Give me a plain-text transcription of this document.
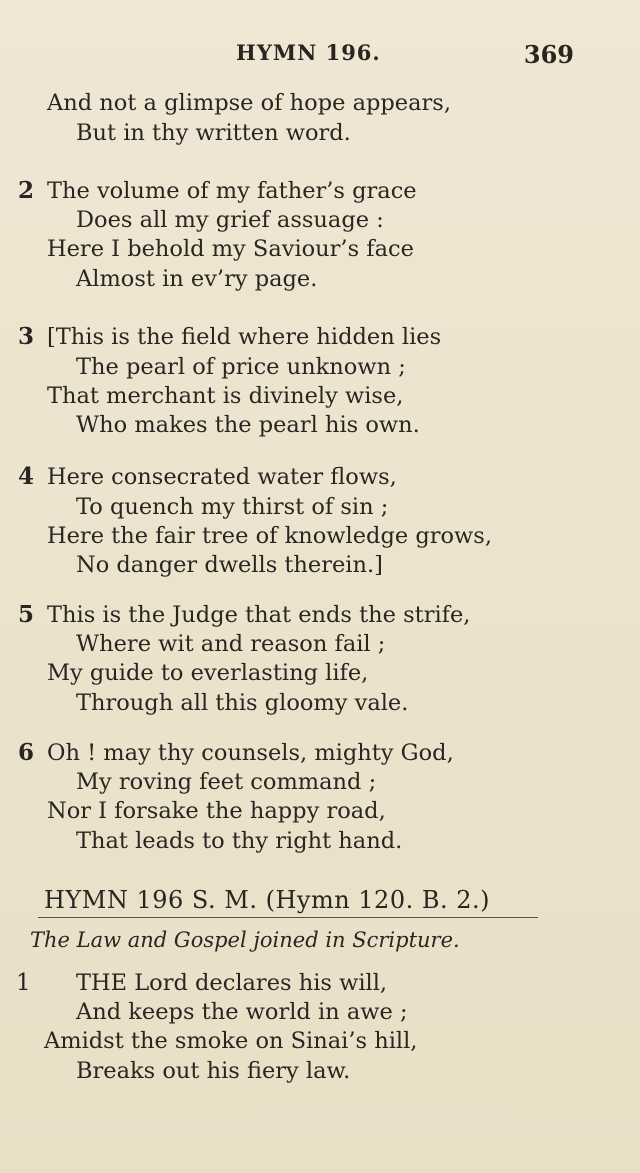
HYMN 196.	369
And not a glimpse of hope appears,
But in thy written word.
2 The volume of my father’s grace
Does all my grief assuage :
Here I behold my Saviour’s face
Almost in ev’ry page.
3 [This is the field where hidden lies
The pearl of price unknown ;
That merchant is divinely wise,
Who makes the pearl his own.
4 Here consecrated water flows,
To quench my thirst of sin ;
Here the fair tree of knowledge grows,
No danger dwells therein.]
5 This is the Judge that ends the strife,
Where wit and reason fail ;
My guide to everlasting life,
Through all this gloomy vale.
6 Oh ! may thy counsels, mighty God,
My roving feet command ;
Nor I forsake the happy road,
That leads to thy right hand.
HYMN 196 S. M. (Hymn 120. B. 2.)
The Law and Gospel joined in Scripture.
1 THE Lord declares his will,
And keeps the world in awe ;
Amidst the smoke on Sinai’s hill,
Breaks out his fiery law.
